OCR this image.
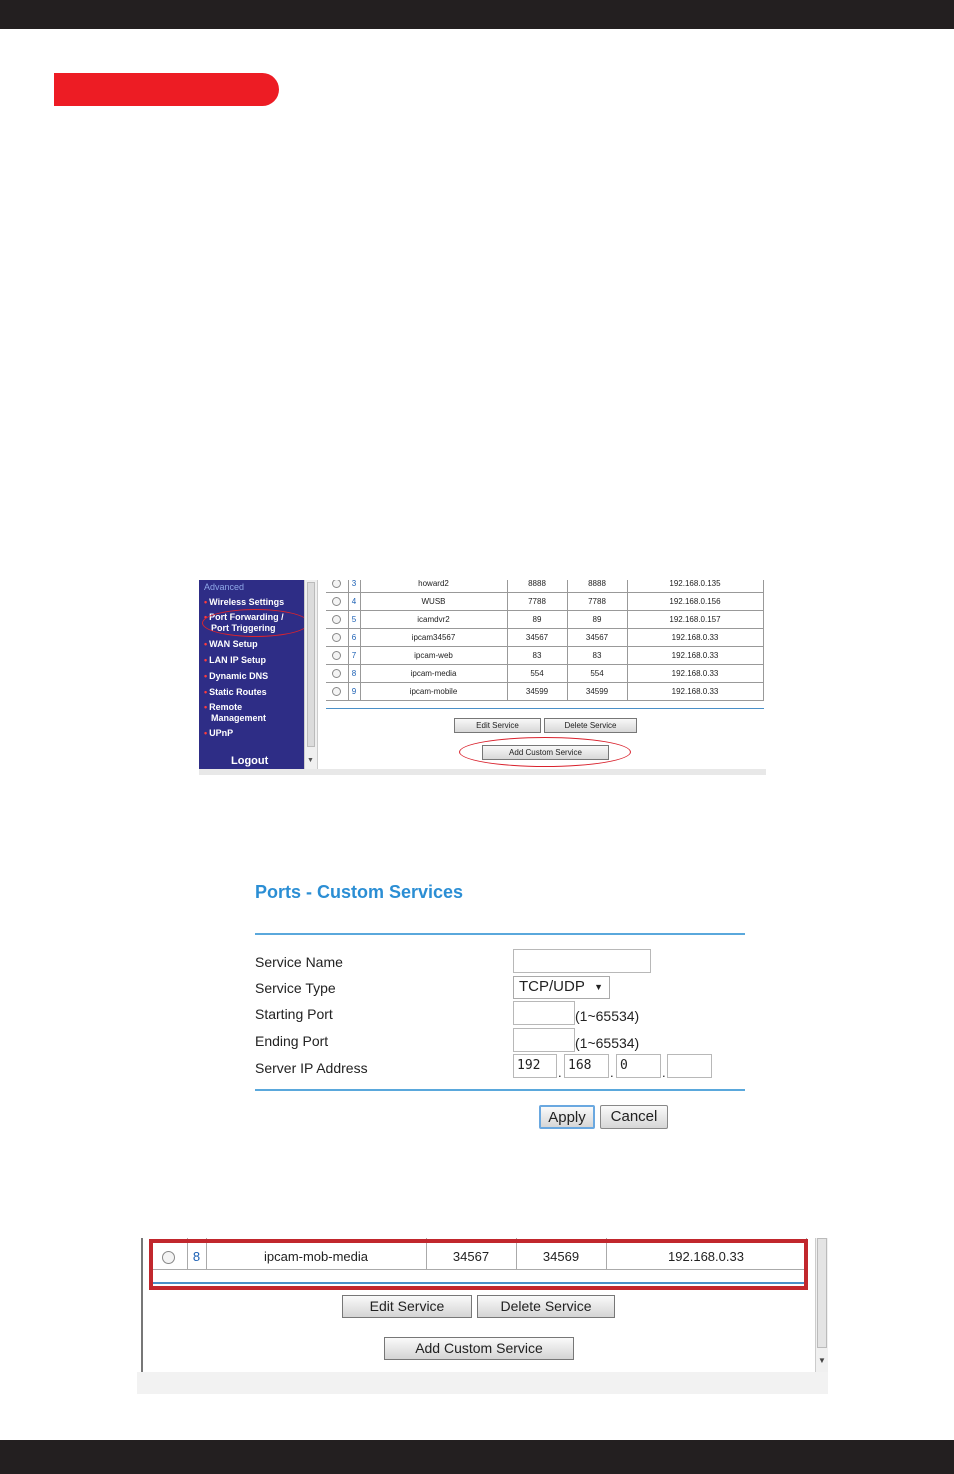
Advanced
• Wireless Settings
• Port Forwarding /
Port Triggering
• WAN Setup
• LAN IP Setup
• Dynamic DNS
• Static Routes
• Remote
Management
• UPnP
Logout	▼
	3	howard2	8888	8888	192.168.0.135
	4	WUSB	7788	7788	192.168.0.156
	5	icamdvr2	89	89	192.168.0.157
	6	ipcam34567	34567	34567	192.168.0.33
	7	ipcam-web	83	83	192.168.0.33
	8	ipcam-media	554	554	192.168.0.33
	9	ipcam-mobile	34599	34599	192.168.0.33
Edit Service	Delete Service
Add Custom Service
Ports - Custom Services
Service Name
Service Type	TCP/UDP ▼
Starting Port	(1~65534)
Ending Port	(1~65534)
Server IP Address	192	. 168	. 0	.
Apply	Cancel
	8	ipcam-mob-media	34567	34569	192.168.0.33
Edit Service	Delete Service
Add Custom Service
▼
